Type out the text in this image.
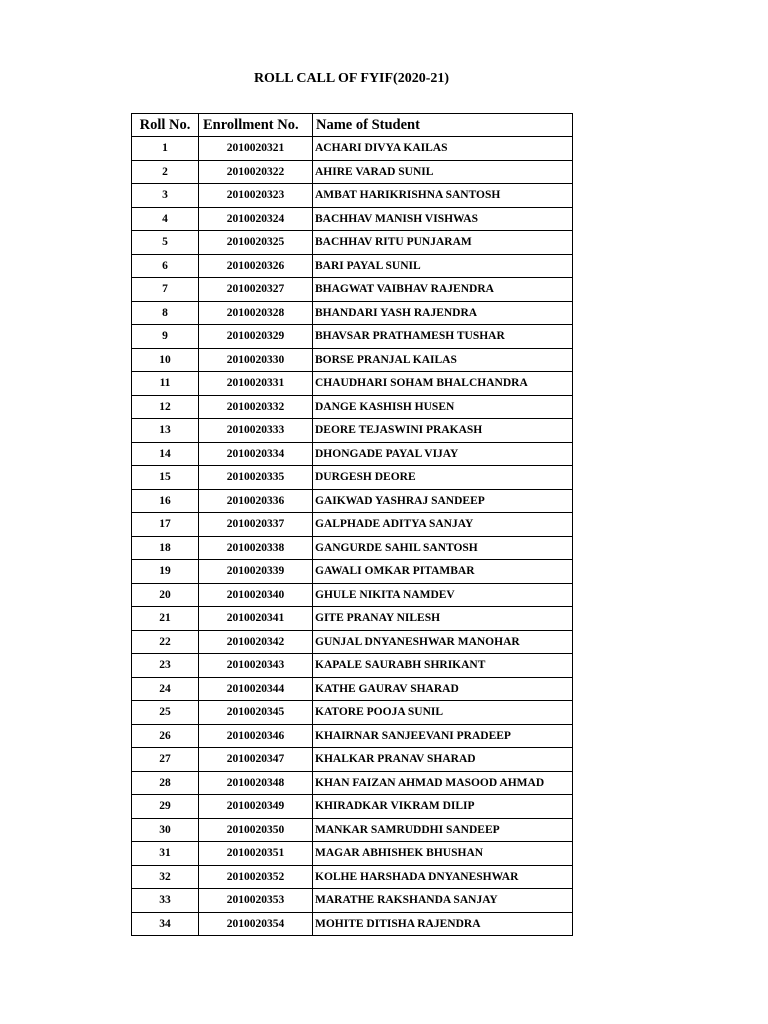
ROLL CALL OF FYIF(2020-21)
Roll No.	Enrollment No.	Name of Student
1	2010020321	ACHARI DIVYA KAILAS
2	2010020322	AHIRE VARAD SUNIL
3	2010020323	AMBAT HARIKRISHNA SANTOSH
4	2010020324	BACHHAV MANISH VISHWAS
5	2010020325	BACHHAV RITU PUNJARAM
6	2010020326	BARI PAYAL SUNIL
7	2010020327	BHAGWAT VAIBHAV RAJENDRA
8	2010020328	BHANDARI YASH RAJENDRA
9	2010020329	BHAVSAR PRATHAMESH TUSHAR
10	2010020330	BORSE PRANJAL KAILAS
11	2010020331	CHAUDHARI SOHAM BHALCHANDRA
12	2010020332	DANGE KASHISH HUSEN
13	2010020333	DEORE TEJASWINI PRAKASH
14	2010020334	DHONGADE PAYAL VIJAY
15	2010020335	DURGESH DEORE
16	2010020336	GAIKWAD YASHRAJ SANDEEP
17	2010020337	GALPHADE ADITYA SANJAY
18	2010020338	GANGURDE SAHIL SANTOSH
19	2010020339	GAWALI OMKAR PITAMBAR
20	2010020340	GHULE NIKITA NAMDEV
21	2010020341	GITE PRANAY NILESH
22	2010020342	GUNJAL DNYANESHWAR MANOHAR
23	2010020343	KAPALE SAURABH SHRIKANT
24	2010020344	KATHE GAURAV SHARAD
25	2010020345	KATORE POOJA SUNIL
26	2010020346	KHAIRNAR SANJEEVANI PRADEEP
27	2010020347	KHALKAR PRANAV SHARAD
28	2010020348	KHAN FAIZAN AHMAD MASOOD AHMAD
29	2010020349	KHIRADKAR VIKRAM DILIP
30	2010020350	MANKAR SAMRUDDHI SANDEEP
31	2010020351	MAGAR ABHISHEK BHUSHAN
32	2010020352	KOLHE HARSHADA DNYANESHWAR
33	2010020353	MARATHE RAKSHANDA SANJAY
34	2010020354	MOHITE DITISHA RAJENDRA
